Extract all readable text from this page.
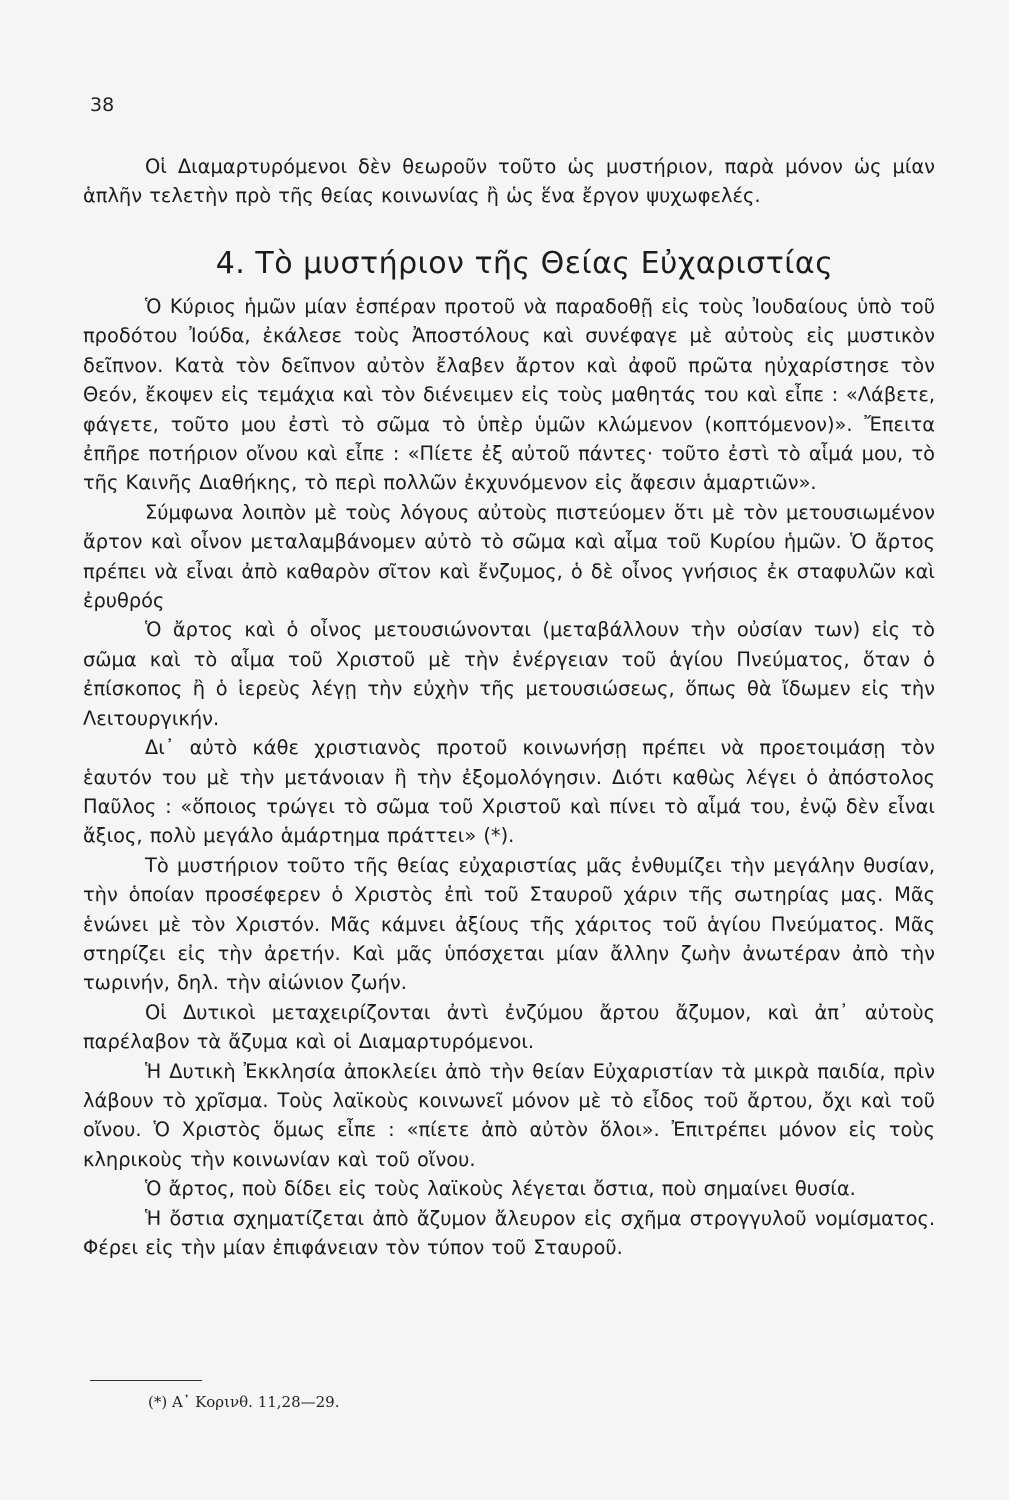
38

Οἱ Διαμαρτυρόμενοι δὲν θεωροῦν τοῦτο ὡς μυστήριον, παρὰ μόνον ὡς μίαν ἁπλῆν τελετὴν πρὸ τῆς θείας κοινωνίας ἢ ὡς ἕνα ἔργον ψυχωφελές.

4. Τὸ μυστήριον τῆς Θείας Εὐχαριστίας

Ὁ Κύριος ἡμῶν μίαν ἑσπέραν προτοῦ νὰ παραδοθῇ εἰς τοὺς Ἰουδαίους ὑπὸ τοῦ προδότου Ἰούδα, ἐκάλεσε τοὺς Ἀποστόλους καὶ συνέφαγε μὲ αὐτοὺς εἰς μυστικὸν δεῖπνον. Κατὰ τὸν δεῖπνον αὐτὸν ἔλαβεν ἄρτον καὶ ἀφοῦ πρῶτα ηὐχαρίστησε τὸν Θεόν, ἔκοψεν εἰς τεμάχια καὶ τὸν διένειμεν εἰς τοὺς μαθητάς του καὶ εἶπε : «Λάβετε, φάγετε, τοῦτο μου ἐστὶ τὸ σῶμα τὸ ὑπὲρ ὑμῶν κλώμενον (κοπτόμενον)». Ἔπειτα ἐπῆρε ποτήριον οἴνου καὶ εἶπε : «Πίετε ἐξ αὐτοῦ πάντες· τοῦτο ἐστὶ τὸ αἷμά μου, τὸ τῆς Καινῆς Διαθήκης, τὸ περὶ πολλῶν ἐκχυνόμενον εἰς ἄφεσιν ἁμαρτιῶν».

Σύμφωνα λοιπὸν μὲ τοὺς λόγους αὐτοὺς πιστεύομεν ὅτι μὲ τὸν μετουσιωμένον ἄρτον καὶ οἶνον μεταλαμβάνομεν αὐτὸ τὸ σῶμα καὶ αἷμα τοῦ Κυρίου ἡμῶν. Ὁ ἄρτος πρέπει νὰ εἶναι ἀπὸ καθαρὸν σῖτον καὶ ἔνζυμος, ὁ δὲ οἶνος γνήσιος ἐκ σταφυλῶν καὶ ἐρυθρός

Ὁ ἄρτος καὶ ὁ οἶνος μετουσιώνονται (μεταβάλλουν τὴν οὐσίαν των) εἰς τὸ σῶμα καὶ τὸ αἷμα τοῦ Χριστοῦ μὲ τὴν ἐνέργειαν τοῦ ἁγίου Πνεύματος, ὅταν ὁ ἐπίσκοπος ἢ ὁ ἱερεὺς λέγῃ τὴν εὐχὴν τῆς μετουσιώσεως, ὅπως θὰ ἴδωμεν εἰς τὴν Λειτουργικήν.

Δι᾽ αὐτὸ κάθε χριστιανὸς προτοῦ κοινωνήσῃ πρέπει νὰ προετοιμάσῃ τὸν ἑαυτόν του μὲ τὴν μετάνοιαν ἢ τὴν ἐξομολόγησιν. Διότι καθὼς λέγει ὁ ἀπόστολος Παῦλος : «ὅποιος τρώγει τὸ σῶμα τοῦ Χριστοῦ καὶ πίνει τὸ αἷμά του, ἐνῷ δὲν εἶναι ἄξιος, πολὺ μεγάλο ἁμάρτημα πράττει» (*).

Τὸ μυστήριον τοῦτο τῆς θείας εὐχαριστίας μᾶς ἐνθυμίζει τὴν μεγάλην θυσίαν, τὴν ὁποίαν προσέφερεν ὁ Χριστὸς ἐπὶ τοῦ Σταυροῦ χάριν τῆς σωτηρίας μας. Μᾶς ἑνώνει μὲ τὸν Χριστόν. Μᾶς κάμνει ἀξίους τῆς χάριτος τοῦ ἁγίου Πνεύματος. Μᾶς στηρίζει εἰς τὴν ἀρετήν. Καὶ μᾶς ὑπόσχεται μίαν ἄλλην ζωὴν ἀνωτέραν ἀπὸ τὴν τωρινήν, δηλ. τὴν αἰώνιον ζωήν.

Οἱ Δυτικοὶ μεταχειρίζονται ἀντὶ ἐνζύμου ἄρτου ἄζυμον, καὶ ἀπ᾽ αὐτοὺς παρέλαβον τὰ ἄζυμα καὶ οἱ Διαμαρτυρόμενοι.

Ἡ Δυτικὴ Ἐκκλησία ἀποκλείει ἀπὸ τὴν θείαν Εὐχαριστίαν τὰ μικρὰ παιδία, πρὶν λάβουν τὸ χρῖσμα. Τοὺς λαϊκοὺς κοινωνεῖ μόνον μὲ τὸ εἶδος τοῦ ἄρτου, ὄχι καὶ τοῦ οἴνου. Ὁ Χριστὸς ὅμως εἶπε : «πίετε ἀπὸ αὐτὸν ὅλοι». Ἐπιτρέπει μόνον εἰς τοὺς κληρικοὺς τὴν κοινωνίαν καὶ τοῦ οἴνου.

Ὁ ἄρτος, ποὺ δίδει εἰς τοὺς λαϊκοὺς λέγεται ὄστια, ποὺ σημαίνει θυσία.

Ἡ ὄστια σχηματίζεται ἀπὸ ἄζυμον ἄλευρον εἰς σχῆμα στρογγυλοῦ νομίσματος. Φέρει εἰς τὴν μίαν ἐπιφάνειαν τὸν τύπον τοῦ Σταυροῦ.

(*) Α᾽ Κορινθ. 11,28—29.
